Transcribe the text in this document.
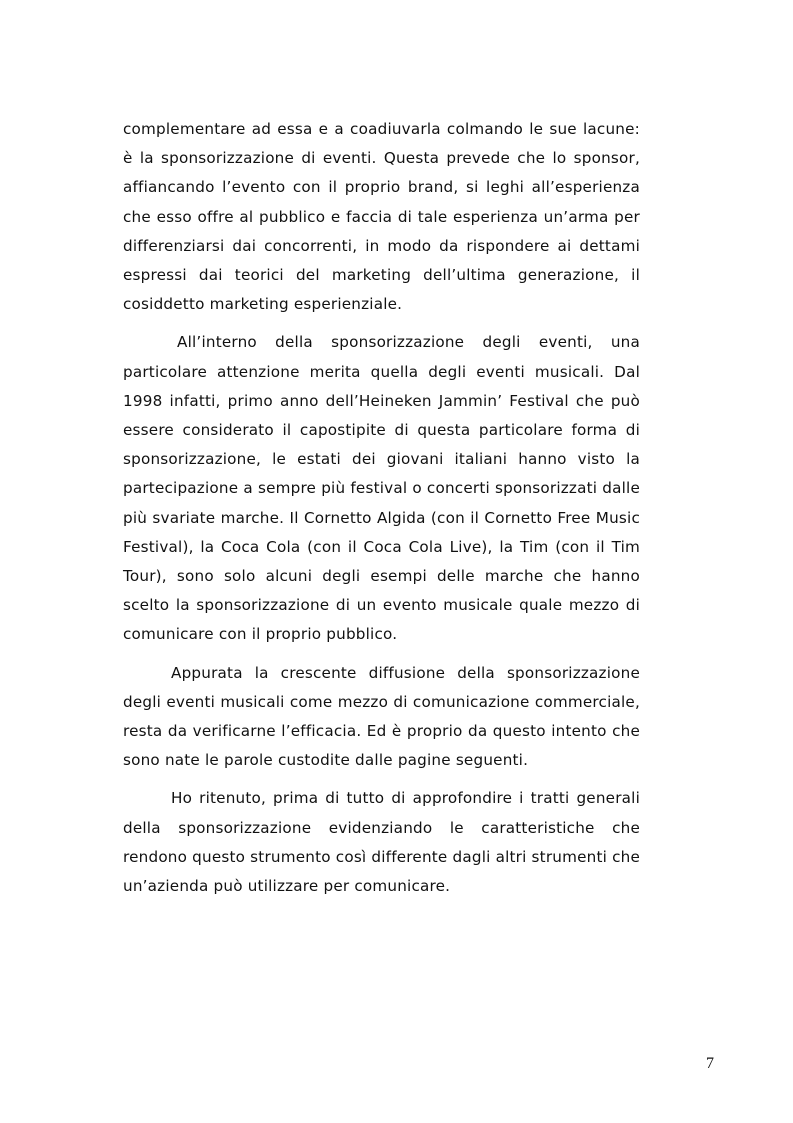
complementare ad essa e a coadiuvarla colmando le sue lacune: è la sponsorizzazione di eventi. Questa prevede che lo sponsor, affiancando l’evento con il proprio brand, si leghi all’esperienza che esso offre al pubblico e faccia di tale esperienza un’arma per differenziarsi dai concorrenti, in modo da rispondere ai dettami espressi dai teorici del marketing dell’ultima generazione, il cosiddetto marketing esperienziale.

All’interno della sponsorizzazione degli eventi, una particolare attenzione merita quella degli eventi musicali. Dal 1998 infatti, primo anno dell’Heineken Jammin’ Festival che può essere considerato il capostipite di questa particolare forma di sponsorizzazione, le estati dei giovani italiani hanno visto la partecipazione a sempre più festival o concerti sponsorizzati dalle più svariate marche. Il Cornetto Algida (con il Cornetto Free Music Festival), la Coca Cola (con il Coca Cola Live), la Tim (con il Tim Tour), sono solo alcuni degli esempi delle marche che hanno scelto la sponsorizzazione di un evento musicale quale mezzo di comunicare con il proprio pubblico.

Appurata la crescente diffusione della sponsorizzazione degli eventi musicali come mezzo di comunicazione commerciale, resta da verificarne l’efficacia. Ed è proprio da questo intento che sono nate le parole custodite dalle pagine seguenti.

Ho ritenuto, prima di tutto di approfondire i tratti generali della sponsorizzazione evidenziando le caratteristiche che rendono questo strumento così differente dagli altri strumenti che un’azienda può utilizzare per comunicare.

7
